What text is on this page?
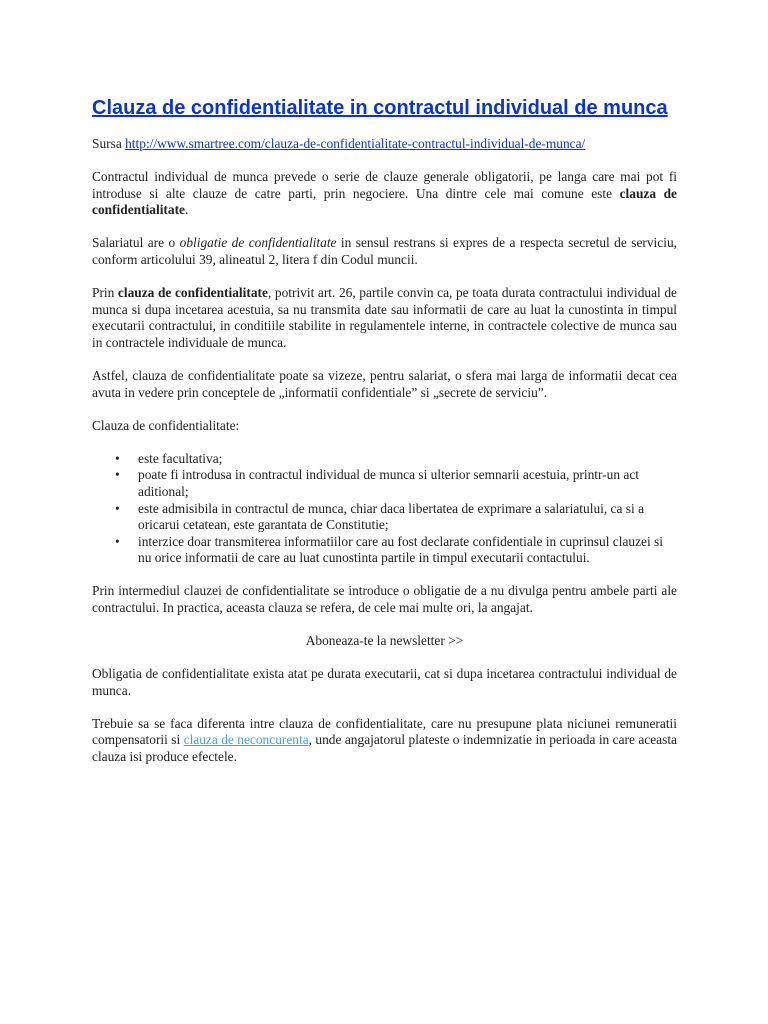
Clauza de confidentialitate in contractul individual de munca

Sursa http://www.smartree.com/clauza-de-confidentialitate-contractul-individual-de-munca/

Contractul individual de munca prevede o serie de clauze generale obligatorii, pe langa care mai pot fi introduse si alte clauze de catre parti, prin negociere. Una dintre cele mai comune este clauza de confidentialitate.

Salariatul are o obligatie de confidentialitate in sensul restrans si expres de a respecta secretul de serviciu, conform articolului 39, alineatul 2, litera f din Codul muncii.

Prin clauza de confidentialitate, potrivit art. 26, partile convin ca, pe toata durata contractului individual de munca si dupa incetarea acestuia, sa nu transmita date sau informatii de care au luat la cunostinta in timpul executarii contractului, in conditiile stabilite in regulamentele interne, in contractele colective de munca sau in contractele individuale de munca.

Astfel, clauza de confidentialitate poate sa vizeze, pentru salariat, o sfera mai larga de informatii decat cea avuta in vedere prin conceptele de „informatii confidentiale” si „secrete de serviciu”.

Clauza de confidentialitate:

• este facultativa;
• poate fi introdusa in contractul individual de munca si ulterior semnarii acestuia, printr-un act aditional;
• este admisibila in contractul de munca, chiar daca libertatea de exprimare a salariatului, ca si a oricarui cetatean, este garantata de Constitutie;
• interzice doar transmiterea informatiilor care au fost declarate confidentiale in cuprinsul clauzei si nu orice informatii de care au luat cunostinta partile in timpul executarii contactului.

Prin intermediul clauzei de confidentialitate se introduce o obligatie de a nu divulga pentru ambele parti ale contractului. In practica, aceasta clauza se refera, de cele mai multe ori, la angajat.

Aboneaza-te la newsletter >>

Obligatia de confidentialitate exista atat pe durata executarii, cat si dupa incetarea contractului individual de munca.

Trebuie sa se faca diferenta intre clauza de confidentialitate, care nu presupune plata niciunei remuneratii compensatorii si clauza de neconcurenta, unde angajatorul plateste o indemnizatie in perioada in care aceasta clauza isi produce efectele.
